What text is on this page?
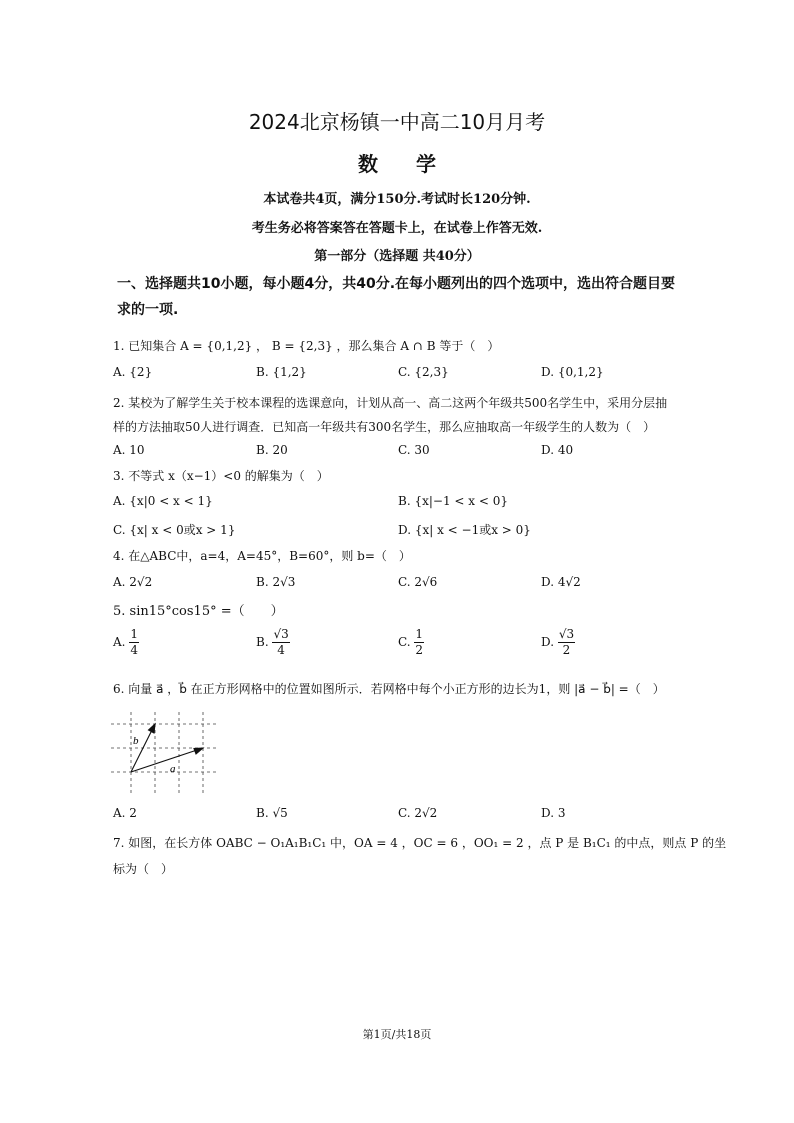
2024北京杨镇一中高二10月月考
数学
本试卷共4页，满分150分.考试时长120分钟.
考生务必将答案答在答题卡上，在试卷上作答无效.
第一部分（选择题 共40分）
一、选择题共10小题，每小题4分，共40分.在每小题列出的四个选项中，选出符合题目要
求的一项.
1. 已知集合 A = {0,1,2} ， B = {2,3} ，那么集合 A ∩ B 等于（　）
A. {2}	B. {1,2}	C. {2,3}	D. {0,1,2}
2. 某校为了解学生关于校本课程的选课意向，计划从高一、高二这两个年级共500名学生中，采用分层抽
样的方法抽取50人进行调查．已知高一年级共有300名学生，那么应抽取高一年级学生的人数为（　）
A. 10	B. 20	C. 30	D. 40
3. 不等式 x（x−1）<0 的解集为（　）
A. {x|0 < x < 1}	B. {x|−1 < x < 0}
C. {x| x < 0或x > 1}	D. {x| x < −1或x > 0}
4. 在△ABC中，a=4，A=45°，B=60°，则 b=（　）
A. 2√2	B. 2√3	C. 2√6	D. 4√2
5. sin15°cos15° =（　　）
A. $\frac{1}{4}$	B. $\frac{√3}{4}$	C. $\frac{1}{2}$	D. $\frac{√3}{2}$
6. 向量 a⃗ ，b⃗ 在正方形网格中的位置如图所示．若网格中每个小正方形的边长为1，则 |a⃗ − b⃗| =（　）
b
a
A. 2	B. √5	C. 2√2	D. 3
7. 如图，在长方体 OABC − O₁A₁B₁C₁ 中，OA = 4 ，OC = 6 ，OO₁ = 2 ，点 P 是 B₁C₁ 的中点，则点 P 的坐
标为（　）
第1页/共18页
